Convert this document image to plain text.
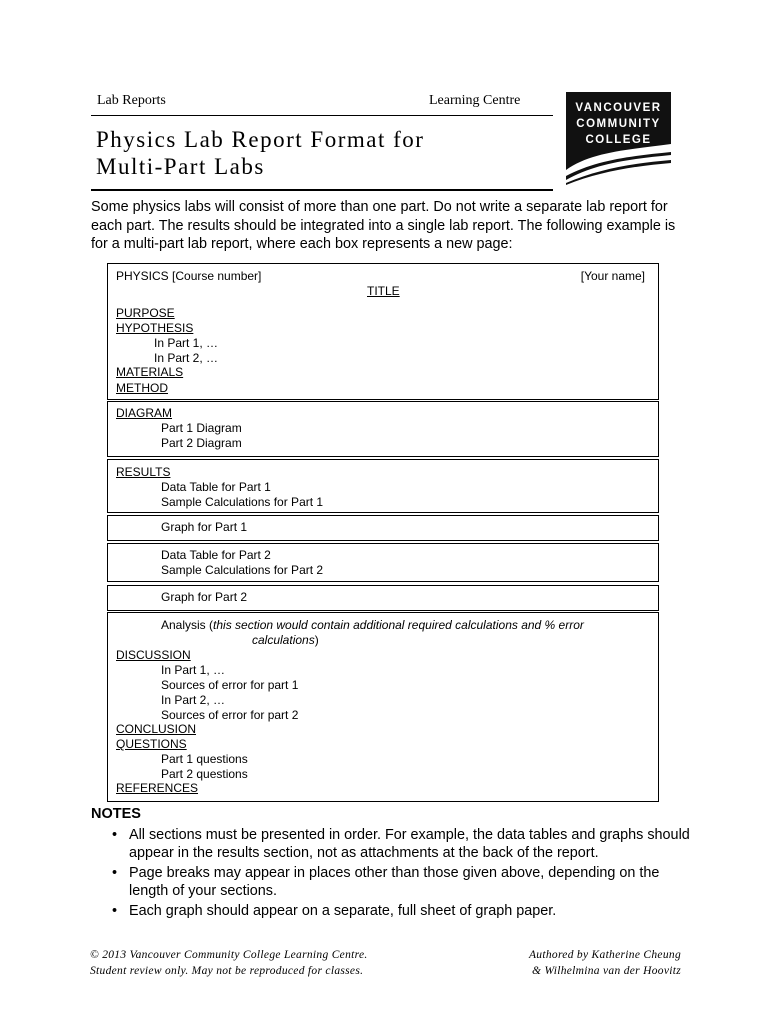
Lab Reports	Learning Centre
Physics Lab Report Format for
Multi-Part Labs
VANCOUVER
COMMUNITY
COLLEGE
Some physics labs will consist of more than one part. Do not write a separate lab report for each part. The results should be integrated into a single lab report. The following example is for a multi-part lab report, where each box represents a new page:
PHYSICS [Course number]	[Your name]
TITLE
PURPOSE
HYPOTHESIS
In Part 1, …
In Part 2, …
MATERIALS
METHOD
DIAGRAM
Part 1 Diagram
Part 2 Diagram
RESULTS
Data Table for Part 1
Sample Calculations for Part 1
Graph for Part 1
Data Table for Part 2
Sample Calculations for Part 2
Graph for Part 2
Analysis (this section would contain additional required calculations and % error
calculations)
DISCUSSION
In Part 1, …
Sources of error for part 1
In Part 2, …
Sources of error for part 2
CONCLUSION
QUESTIONS
Part 1 questions
Part 2 questions
REFERENCES
NOTES
• All sections must be presented in order. For example, the data tables and graphs should appear in the results section, not as attachments at the back of the report.
• Page breaks may appear in places other than those given above, depending on the length of your sections.
• Each graph should appear on a separate, full sheet of graph paper.
© 2013 Vancouver Community College Learning Centre.
Student review only. May not be reproduced for classes.
Authored by Katherine Cheung
& Wilhelmina van der Hoovitz
